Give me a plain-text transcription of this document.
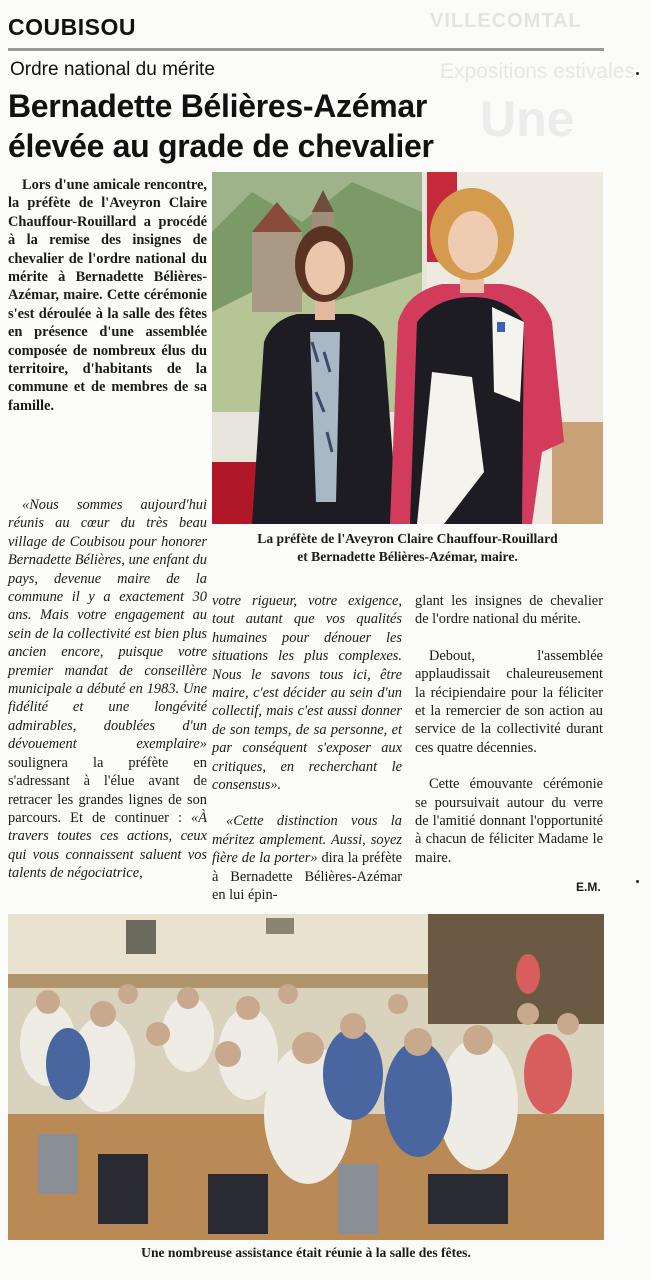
VILLECOMTAL
Expositions estivales
Une
COUBISOU
Ordre national du mérite
Bernadette Bélières-Azémar
élevée au grade de chevalier

Lors d'une amicale rencontre, la préfète de l'Aveyron Claire Chauffour-Rouillard a procédé à la remise des insignes de chevalier de l'ordre national du mérite à Bernadette Bélières-Azémar, maire. Cette cérémonie s'est déroulée à la salle des fêtes en présence d'une assemblée composée de nombreux élus du territoire, d'habitants de la commune et de membres de sa famille.

«Nous sommes aujourd'hui réunis au cœur du très beau village de Coubisou pour honorer Bernadette Bélières, une enfant du pays, devenue maire de la commune il y a exactement 30 ans. Mais votre engagement au sein de la collectivité est bien plus ancien encore, puisque votre premier mandat de conseillère municipale a débuté en 1983. Une fidélité et une longévité admirables, doublées d'un dévouement exemplaire» soulignera la préfète en s'adressant à l'élue avant de retracer les grandes lignes de son parcours. Et de continuer : «À travers toutes ces actions, ceux qui vous connaissent saluent vos talents de négociatrice,

votre rigueur, votre exigence, tout autant que vos qualités humaines pour dénouer les situations les plus complexes. Nous le savons tous ici, être maire, c'est décider au sein d'un collectif, mais c'est aussi donner de son temps, de sa personne, et par conséquent s'exposer aux critiques, en recherchant le consensus».

«Cette distinction vous la méritez amplement. Aussi, soyez fière de la porter» dira la préfète à Bernadette Bélières-Azémar en lui épin-

glant les insignes de chevalier de l'ordre national du mérite.

Debout, l'assemblée applaudissait chaleureusement la récipiendaire pour la féliciter et la remercier de son action au service de la collectivité durant ces quatre décennies.

Cette émouvante cérémonie se poursuivait autour du verre de l'amitié donnant l'opportunité à chacun de féliciter Madame le maire.

E.M.
La préfète de l'Aveyron Claire Chauffour-Rouillard
et Bernadette Bélières-Azémar, maire.
Une nombreuse assistance était réunie à la salle des fêtes.
